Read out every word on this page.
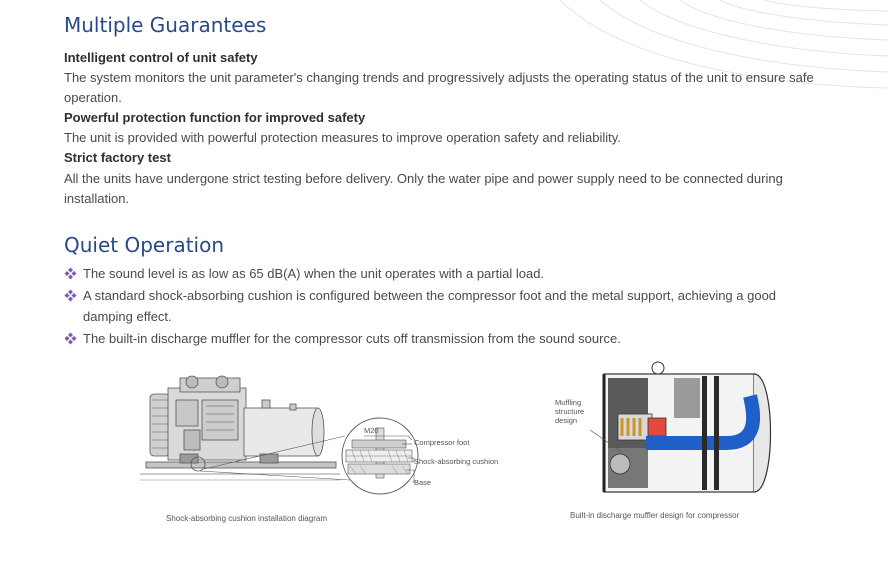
Multiple Guarantees
Intelligent control of unit safety
The system monitors the unit parameter's changing trends and progressively adjusts the operating status of the unit to ensure safe operation.
Powerful protection function for improved safety
The unit is provided with powerful protection measures to improve operation safety and reliability.
Strict factory test
All the units have undergone strict testing before delivery. Only the water pipe and power supply need to be connected during installation.
Quiet Operation
The sound level is as low as 65 dB(A) when the unit operates with a partial load.
A standard shock-absorbing cushion is configured between the compressor foot and the metal support, achieving a good damping effect.
The built-in discharge muffler for the compressor cuts off transmission from the sound source.
M20
Compressor foot
Shock-absorbing cushion
Base
Shock-absorbing cushion installation diagram
Muffling
structure
design
Built-in discharge muffler design for compressor
